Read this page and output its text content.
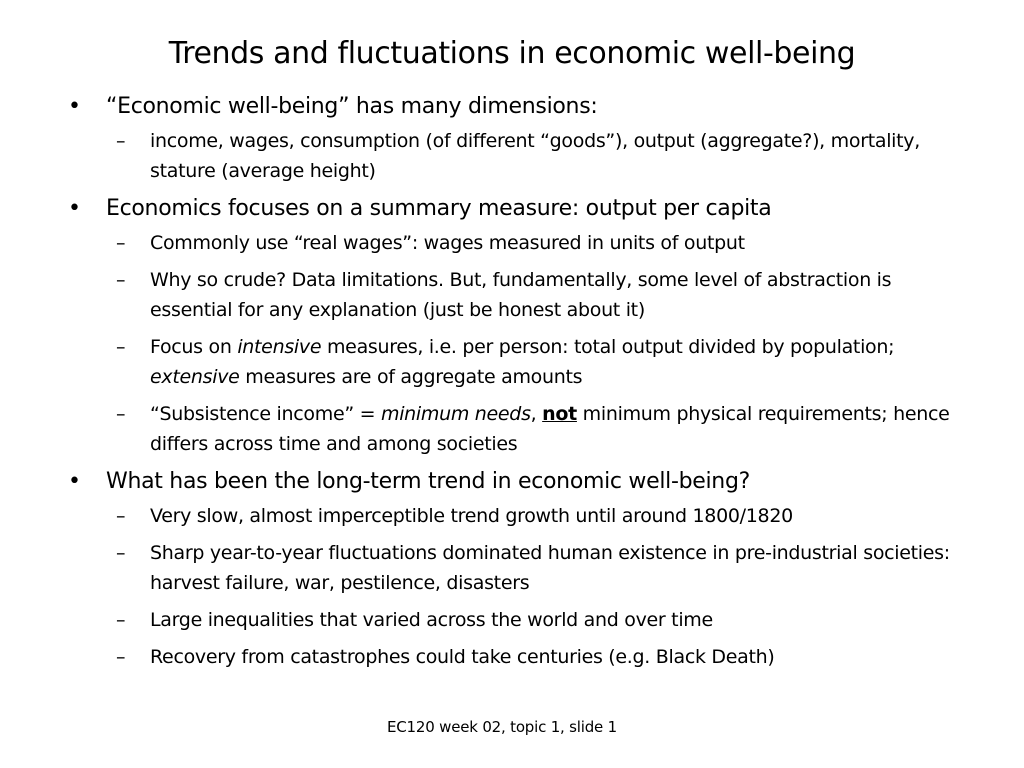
Trends and fluctuations in economic well-being
• “Economic well-being” has many dimensions:
– income, wages, consumption (of different “goods”), output (aggregate?), mortality, stature (average height)
• Economics focuses on a summary measure: output per capita
– Commonly use “real wages”: wages measured in units of output
– Why so crude? Data limitations. But, fundamentally, some level of abstraction is essential for any explanation (just be honest about it)
– Focus on intensive measures, i.e. per person: total output divided by population; extensive measures are of aggregate amounts
– “Subsistence income” = minimum needs, not minimum physical requirements; hence differs across time and among societies
• What has been the long-term trend in economic well-being?
– Very slow, almost imperceptible trend growth until around 1800/1820
– Sharp year-to-year fluctuations dominated human existence in pre-industrial societies: harvest failure, war, pestilence, disasters
– Large inequalities that varied across the world and over time
– Recovery from catastrophes could take centuries (e.g. Black Death)
EC120 week 02, topic 1, slide 1
